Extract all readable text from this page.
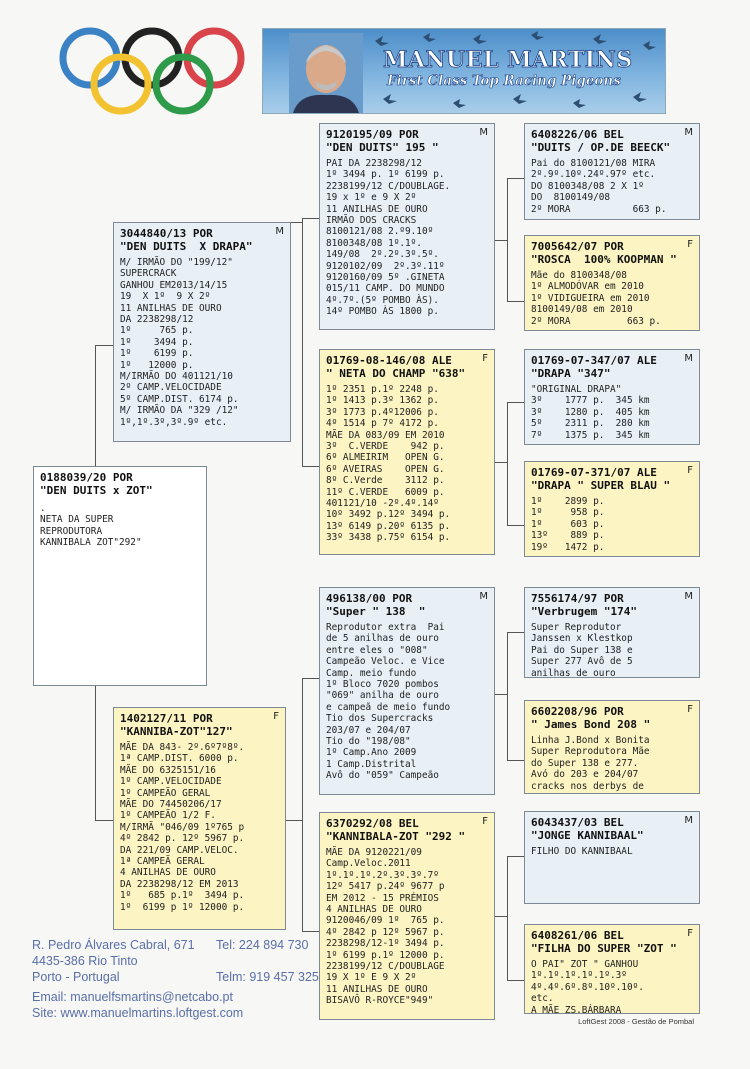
MANUEL MARTINS
First Class Top Racing Pigeons
0188039/20 POR
"DEN DUITS x ZOT"
.
NETA DA SUPER
REPRODUTORA
KANNIBALA ZOT"292"
M
3044840/13 POR
"DEN DUITS  X DRAPA"
M/ IRMÃO DO "199/12"
SUPERCRACK
GANHOU EM2013/14/15
19  X 1º  9 X 2º
11 ANILHAS DE OURO
DA 2238298/12
1º     765 p.
1º    3494 p.
1º    6199 p.
1º   12000 p.
M/IRMÃO DO 401121/10
2º CAMP.VELOCIDADE
5º CAMP.DIST. 6174 p.
M/ IRMÃO DA "329 /12"
1º,1º.3º,3º.9º etc.
F
1402127/11 POR
"KANNIBA-ZOT"127"
MÃE DA 843- 2º.6º7º8º.
1ª CAMP.DIST. 6000 p.
MÃE DO 6325151/16
1º CAMP.VELOCIDADE
1º CAMPEÃO GERAL
MÃE DO 74450206/17
1º CAMPEÃO 1/2 F.
M/IRMÃ "046/09 1º765 p
4º 2842 p. 12º 5967 p.
DA 221/09 CAMP.VELOC.
1ª CAMPEÃ GERAL
4 ANILHAS DE OURO
DA 2238298/12 EM 2013
1º   685 p.1º  3494 p.
1º  6199 p 1º 12000 p.
M
9120195/09 POR
"DEN DUITS" 195 "
PAI DA 2238298/12
1º 3494 p. 1º 6199 p.
2238199/12 C/DOUBLAGE.
19 x 1º e 9 X 2º
11 ANILHAS DE OURO
IRMÃO DOS CRACKS
8100121/08 2.º9.10º
8100348/08 1º.1º.
149/08  2º.2º.3º.5º.
9120102/09  2º.3º.11º
9120160/09 5º .GINETA
015/11 CAMP. DO MUNDO
4º.7º.(5º POMBO ÀS).
14º POMBO ÀS 1800 p.
F
01769-08-146/08 ALE
" NETA DO CHAMP "638"
1º 2351 p.1º 2248 p.
1º 1413 p.3º 1362 p.
3º 1773 p.4º12006 p.
4º 1514 p 7º 4172 p.
MÃE DA 083/09 EM 2010
3º  C.VERDE    942 p.
6º ALMEIRIM   OPEN G.
6º AVEIRAS    OPEN G.
8º C.Verde    3112 p.
11º C.VERDE   6009 p.
401121/10 -2º.4º.14º
10º 3492 p.12º 3494 p.
13º 6149 p.20º 6135 p.
33º 3438 p.75º 6154 p.
M
496138/00 POR
"Super " 138  "
Reprodutor extra  Pai
de 5 anilhas de ouro
entre eles o "008"
Campeão Veloc. e Vice
Camp. meio fundo
1º Bloco 7020 pombos
"069" anilha de ouro
e campeã de meio fundo
Tio dos Supercracks
203/07 e 204/07
Tio do "198/08"
1º Camp.Ano 2009
1 Camp.Distrital
Avô do "059" Campeão
F
6370292/08 BEL
"KANNIBALA-ZOT "292 "
MÃE DA 9120221/09
Camp.Veloc.2011
1º.1º.1º.2º.3º.3º.7º
12º 5417 p.24º 9677 p
EM 2012 - 15 PRÉMIOS
4 ANILHAS DE OURO
9120046/09 1º  765 p.
4º 2842 p 12º 5967 p.
2238298/12-1º 3494 p.
1º 6199 p.1º 12000 p.
2238199/12 C/DOUBLAGE
19 X 1º E 9 X 2º
11 ANILHAS DE OURO
BISAVÔ R-ROYCE"949"
M
6408226/06 BEL
"DUITS / OP.DE BEECK"
Pai do 8100121/08 MIRA
2º.9º.10º.24º.97º etc.
DO 8100348/08 2 X 1º
DO  8100149/08
2º MORA           663 p.
F
7005642/07 POR
"ROSCA  100% KOOPMAN "
Mãe do 8100348/08
1º ALMODÓVAR em 2010
1º VIDIGUEIRA em 2010
8100149/08 em 2010
2º MORA          663 p.
M
01769-07-347/07 ALE
"DRAPA "347"
"ORIGINAL DRAPA"
3º    1777 p.  345 km
3º    1280 p.  405 km
5º    2311 p.  280 km
7º    1375 p.  345 km
F
01769-07-371/07 ALE
"DRAPA " SUPER BLAU "
1º    2899 p.
1º     958 p.
1º     603 p.
13º    889 p.
19º   1472 p.
M
7556174/97 POR
"Verbrugem "174"
Super Reprodutor
Janssen x Klestkop
Pai do Super 138 e
Super 277 Avô de 5
anilhas de ouro
F
6602208/96 POR
" James Bond 208 "
Linha J.Bond x Bonita
Super Reprodutora Mãe
do Super 138 e 277.
Avó do 203 e 204/07
cracks nos derbys de
M
6043437/03 BEL
"JONGE KANNIBAAL"
FILHO DO KANNIBAAL
F
6408261/06 BEL
"FILHA DO SUPER "ZOT "
O PAI" ZOT " GANHOU
1º.1º.1º.1º.1º.3º
4º.4º.6º.8º.10º.10º.
etc.
A MÃE ZS.BÁRBARA
R. Pedro Álvares Cabral, 671 Tel: 224 894 730
4435-386 Rio Tinto
Porto - Portugal	Telm: 919 457 325
Email: manuelfsmartins@netcabo.pt
Site: www.manuelmartins.loftgest.com
LoftGest 2008 - Gestão de Pombal
